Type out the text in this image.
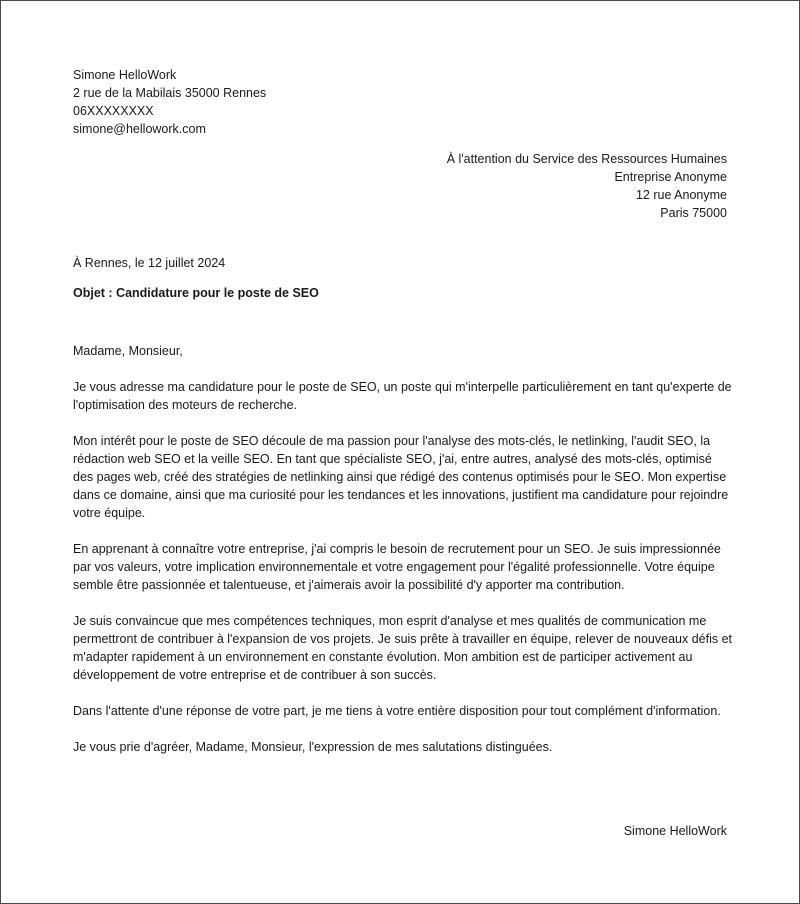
Simone HelloWork
2 rue de la Mabilais 35000 Rennes
06XXXXXXXX
simone@hellowork.com
À l'attention du Service des Ressources Humaines
Entreprise Anonyme
12 rue Anonyme
Paris 75000
À Rennes, le 12 juillet 2024
Objet : Candidature pour le poste de SEO

Madame, Monsieur,

Je vous adresse ma candidature pour le poste de SEO, un poste qui m'interpelle particulièrement en tant qu'experte de l'optimisation des moteurs de recherche.

Mon intérêt pour le poste de SEO découle de ma passion pour l'analyse des mots-clés, le netlinking, l'audit SEO, la rédaction web SEO et la veille SEO. En tant que spécialiste SEO, j'ai, entre autres, analysé des mots-clés, optimisé des pages web, créé des stratégies de netlinking ainsi que rédigé des contenus optimisés pour le SEO. Mon expertise dans ce domaine, ainsi que ma curiosité pour les tendances et les innovations, justifient ma candidature pour rejoindre votre équipe.

En apprenant à connaître votre entreprise, j'ai compris le besoin de recrutement pour un SEO. Je suis impressionnée par vos valeurs, votre implication environnementale et votre engagement pour l'égalité professionnelle. Votre équipe semble être passionnée et talentueuse, et j'aimerais avoir la possibilité d'y apporter ma contribution.

Je suis convaincue que mes compétences techniques, mon esprit d'analyse et mes qualités de communication me permettront de contribuer à l'expansion de vos projets. Je suis prête à travailler en équipe, relever de nouveaux défis et m'adapter rapidement à un environnement en constante évolution. Mon ambition est de participer activement au développement de votre entreprise et de contribuer à son succès.

Dans l'attente d'une réponse de votre part, je me tiens à votre entière disposition pour tout complément d'information.

Je vous prie d'agréer, Madame, Monsieur, l'expression de mes salutations distinguées.

Simone HelloWork
